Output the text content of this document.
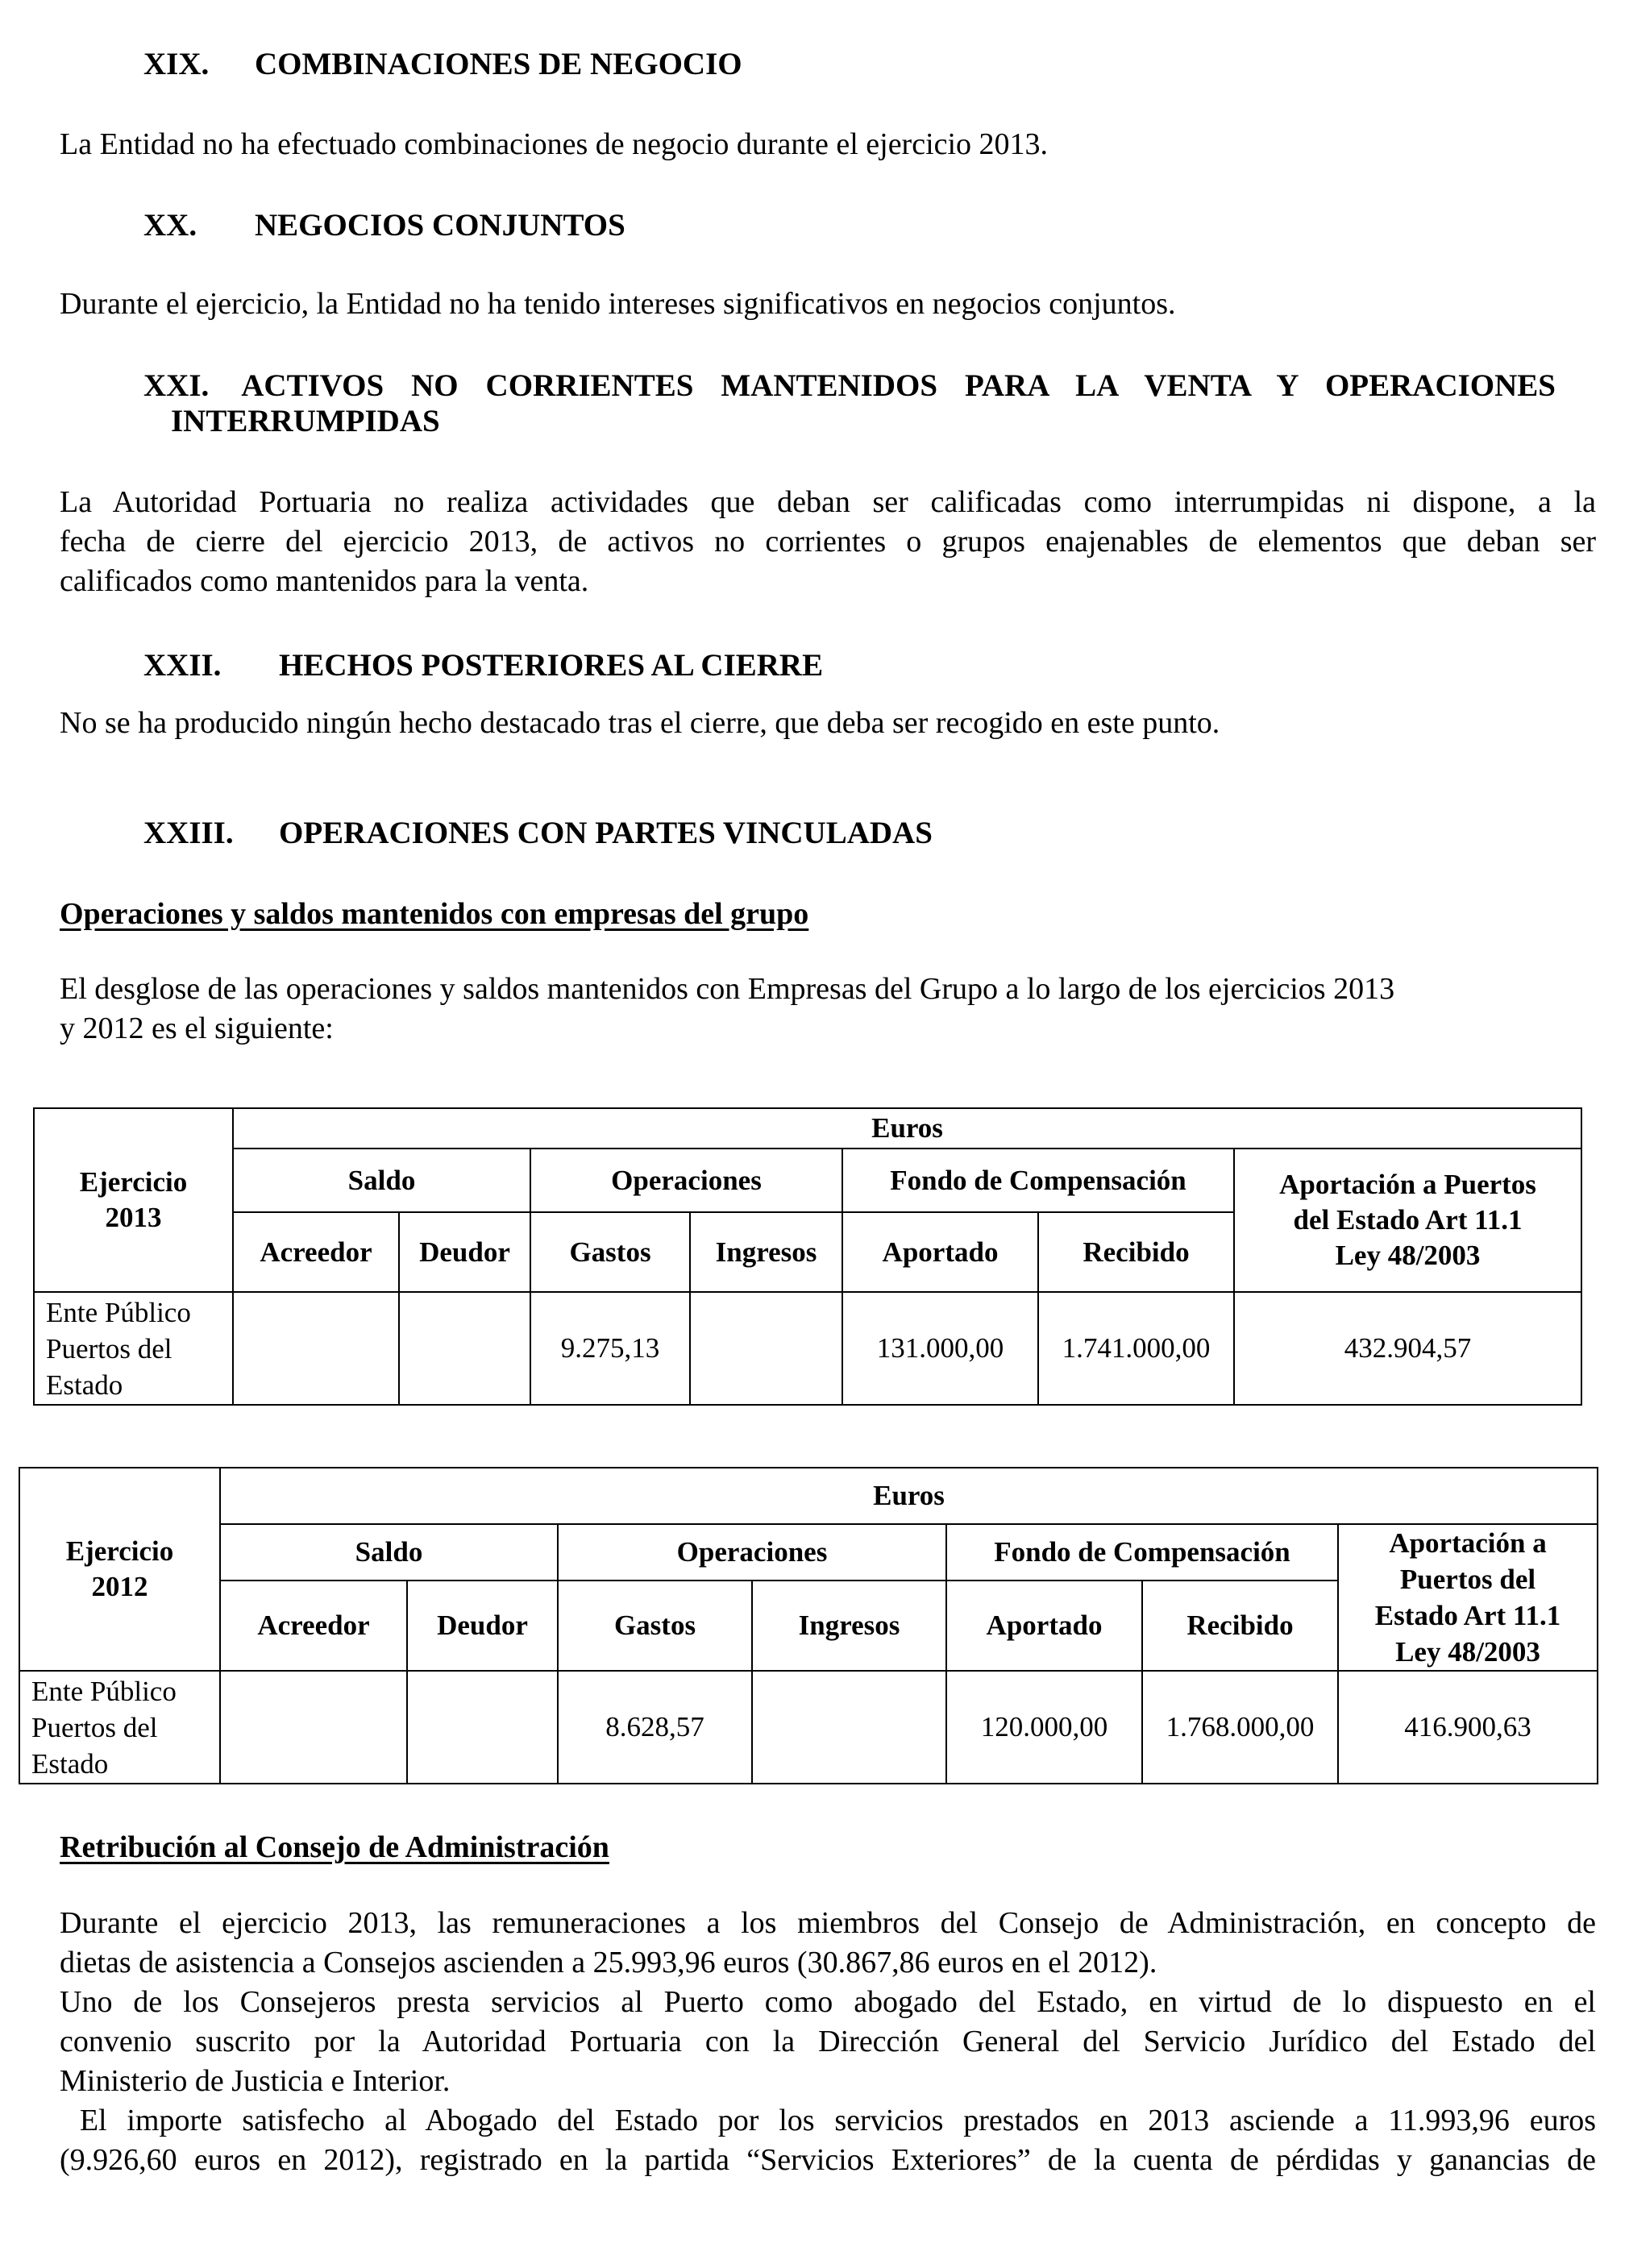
XIX. COMBINACIONES DE NEGOCIO
La Entidad no ha efectuado combinaciones de negocio durante el ejercicio 2013.
XX. NEGOCIOS CONJUNTOS
Durante el ejercicio, la Entidad no ha tenido intereses significativos en negocios conjuntos.
XXI. ACTIVOS NO CORRIENTES MANTENIDOS PARA LA VENTA Y OPERACIONES
INTERRUMPIDAS
La Autoridad Portuaria no realiza actividades que deban ser calificadas como interrumpidas ni dispone, a la
fecha de cierre del ejercicio 2013, de activos no corrientes o grupos enajenables de elementos que deban ser
calificados como mantenidos para la venta.
XXII. HECHOS POSTERIORES AL CIERRE
No se ha producido ningún hecho destacado tras el cierre, que deba ser recogido en este punto.
XXIII. OPERACIONES CON PARTES VINCULADAS
Operaciones y saldos mantenidos con empresas del grupo
El desglose de las operaciones y saldos mantenidos con Empresas del Grupo a lo largo de los ejercicios 2013
y 2012 es el siguiente:
Ejercicio
2013	Euros						
	Saldo		Operaciones		Fondo de Compensación		Aportación a Puertos
del Estado Art 11.1
Ley 48/2003

	Acreedor	Deudor	Gastos	Ingresos	Aportado	Recibido	

Ente Público
Puertos del
Estado			9.275,13		131.000,00	1.741.000,00	432.904,57
Ejercicio
2012	Euros						
	Saldo		Operaciones		Fondo de Compensación		Aportación a
Puertos del
Estado Art 11.1
Ley 48/2003

	Acreedor	Deudor	Gastos	Ingresos	Aportado	Recibido	

Ente Público
Puertos del
Estado			8.628,57		120.000,00	1.768.000,00	416.900,63
Retribución al Consejo de Administración
Durante el ejercicio 2013, las remuneraciones a los miembros del Consejo de Administración, en concepto de
dietas de asistencia a Consejos ascienden a 25.993,96 euros (30.867,86 euros en el 2012).
Uno de los Consejeros presta servicios al Puerto como abogado del Estado, en virtud de lo dispuesto en el
convenio suscrito por la Autoridad Portuaria con la Dirección General del Servicio Jurídico del Estado del
Ministerio de Justicia e Interior.
El importe satisfecho al Abogado del Estado por los servicios prestados en 2013 asciende a 11.993,96 euros
(9.926,60 euros en 2012), registrado en la partida “Servicios Exteriores” de la cuenta de pérdidas y ganancias de
